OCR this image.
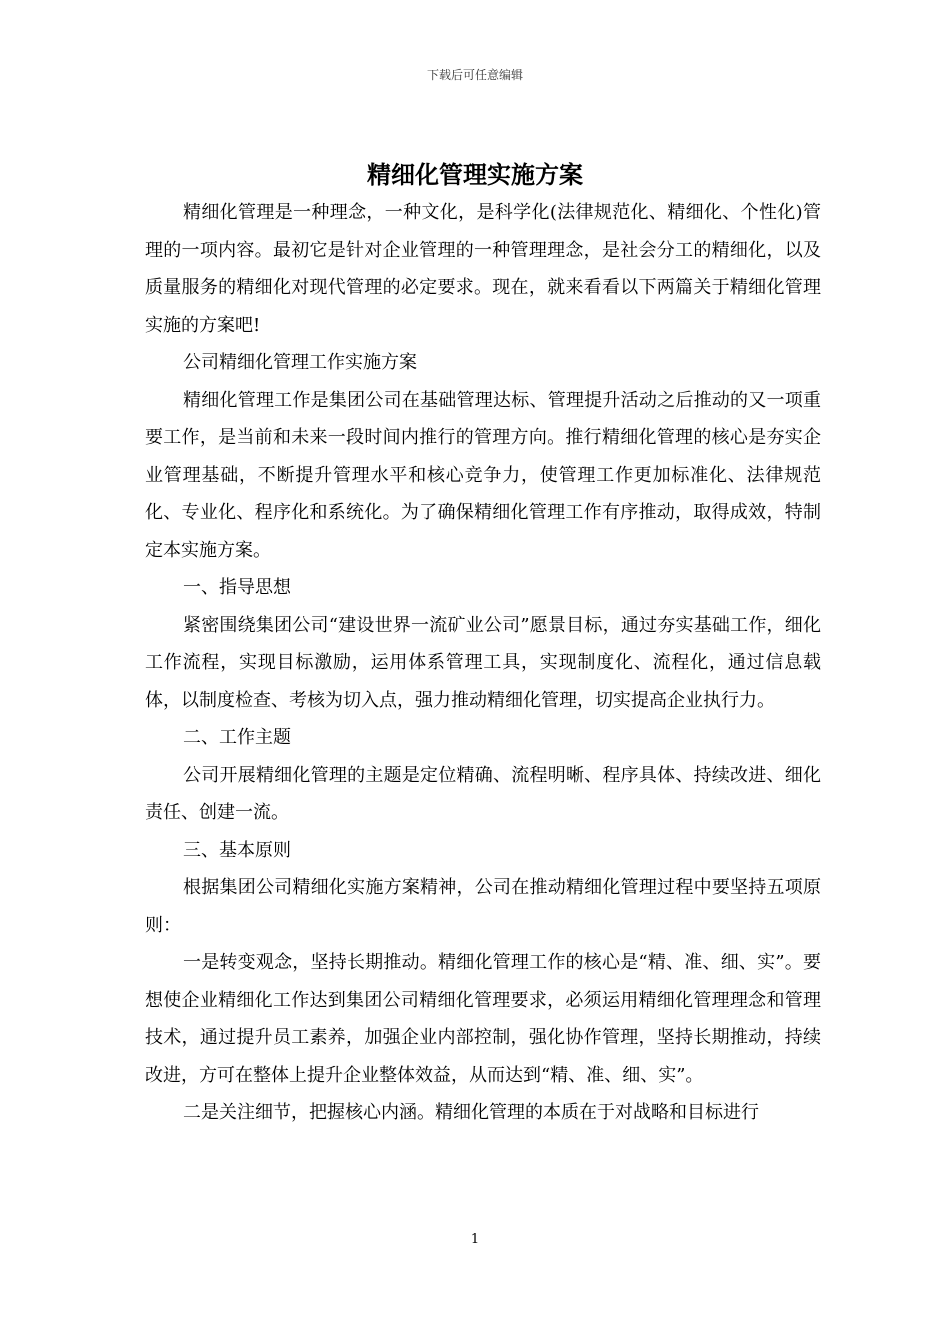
下载后可任意编辑
精细化管理实施方案

精细化管理是一种理念，一种文化，是科学化(法律规范化、精细化、个性化)管理的一项内容。最初它是针对企业管理的一种管理理念，是社会分工的精细化，以及质量服务的精细化对现代管理的必定要求。现在，就来看看以下两篇关于精细化管理实施的方案吧!

公司精细化管理工作实施方案

精细化管理工作是集团公司在基础管理达标、管理提升活动之后推动的又一项重要工作，是当前和未来一段时间内推行的管理方向。推行精细化管理的核心是夯实企业管理基础，不断提升管理水平和核心竞争力，使管理工作更加标准化、法律规范化、专业化、程序化和系统化。为了确保精细化管理工作有序推动，取得成效，特制定本实施方案。

一、指导思想

紧密围绕集团公司“建设世界一流矿业公司”愿景目标，通过夯实基础工作，细化工作流程，实现目标激励，运用体系管理工具，实现制度化、流程化，通过信息载体，以制度检查、考核为切入点，强力推动精细化管理，切实提高企业执行力。

二、工作主题

公司开展精细化管理的主题是定位精确、流程明晰、程序具体、持续改进、细化责任、创建一流。

三、基本原则

根据集团公司精细化实施方案精神，公司在推动精细化管理过程中要坚持五项原则：

一是转变观念，坚持长期推动。精细化管理工作的核心是“精、准、细、实”。要想使企业精细化工作达到集团公司精细化管理要求，必须运用精细化管理理念和管理技术，通过提升员工素养，加强企业内部控制，强化协作管理，坚持长期推动，持续改进，方可在整体上提升企业整体效益，从而达到“精、准、细、实”。

二是关注细节，把握核心内涵。精细化管理的本质在于对战略和目标进行

1
